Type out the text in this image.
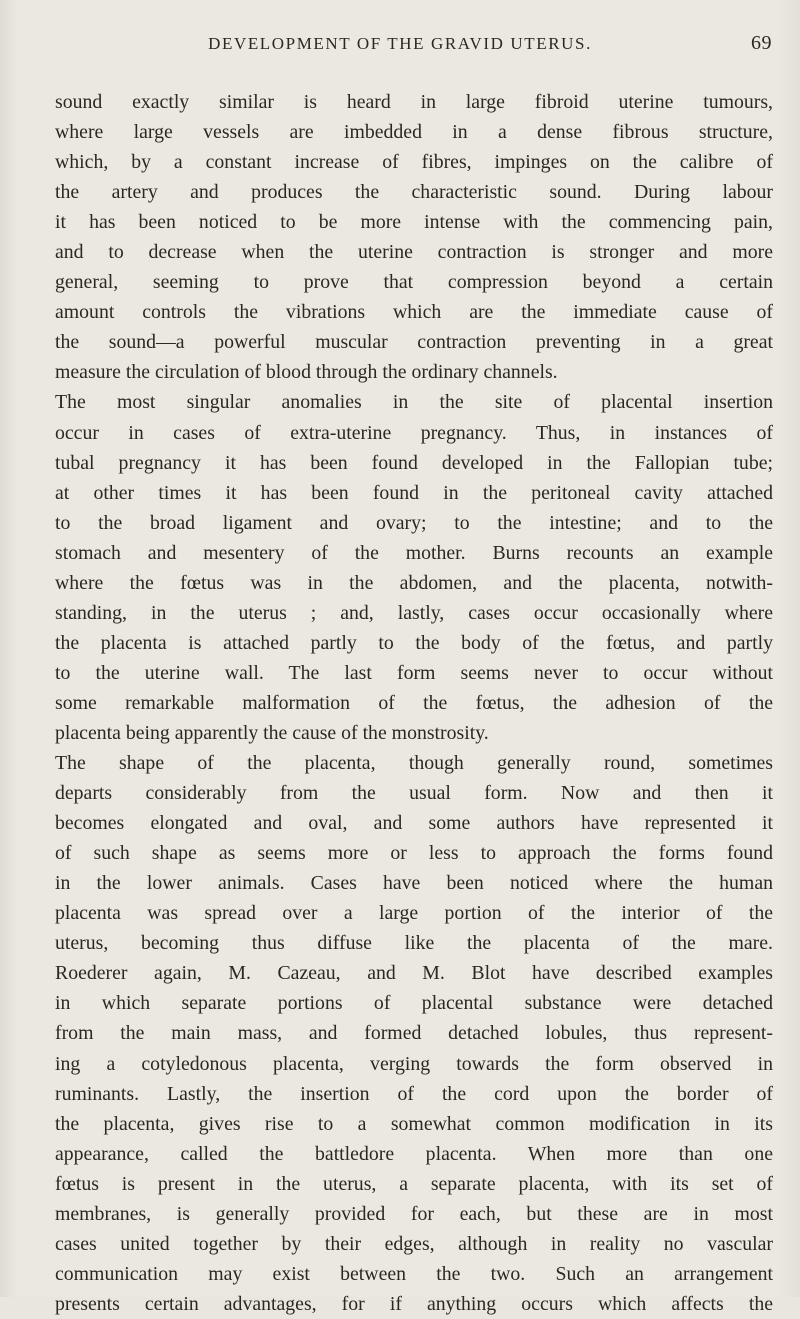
DEVELOPMENT OF THE GRAVID UTERUS.	69
sound exactly similar is heard in large fibroid uterine tumours,
where large vessels are imbedded in a dense fibrous structure,
which, by a constant increase of fibres, impinges on the calibre of
the artery and produces the characteristic sound. During labour
it has been noticed to be more intense with the commencing pain,
and to decrease when the uterine contraction is stronger and more
general, seeming to prove that compression beyond a certain
amount controls the vibrations which are the immediate cause of
the sound—a powerful muscular contraction preventing in a great
measure the circulation of blood through the ordinary channels.
The most singular anomalies in the site of placental insertion
occur in cases of extra-uterine pregnancy. Thus, in instances of
tubal pregnancy it has been found developed in the Fallopian tube;
at other times it has been found in the peritoneal cavity attached
to the broad ligament and ovary; to the intestine; and to the
stomach and mesentery of the mother. Burns recounts an example
where the fœtus was in the abdomen, and the placenta, notwith-
standing, in the uterus ; and, lastly, cases occur occasionally where
the placenta is attached partly to the body of the fœtus, and partly
to the uterine wall. The last form seems never to occur without
some remarkable malformation of the fœtus, the adhesion of the
placenta being apparently the cause of the monstrosity.
The shape of the placenta, though generally round, sometimes
departs considerably from the usual form. Now and then it
becomes elongated and oval, and some authors have represented it
of such shape as seems more or less to approach the forms found
in the lower animals. Cases have been noticed where the human
placenta was spread over a large portion of the interior of the
uterus, becoming thus diffuse like the placenta of the mare.
Roederer again, M. Cazeau, and M. Blot have described examples
in which separate portions of placental substance were detached
from the main mass, and formed detached lobules, thus represent-
ing a cotyledonous placenta, verging towards the form observed in
ruminants. Lastly, the insertion of the cord upon the border of
the placenta, gives rise to a somewhat common modification in its
appearance, called the battledore placenta. When more than one
fœtus is present in the uterus, a separate placenta, with its set of
membranes, is generally provided for each, but these are in most
cases united together by their edges, although in reality no vascular
communication may exist between the two. Such an arrangement
presents certain advantages, for if anything occurs which affects the
